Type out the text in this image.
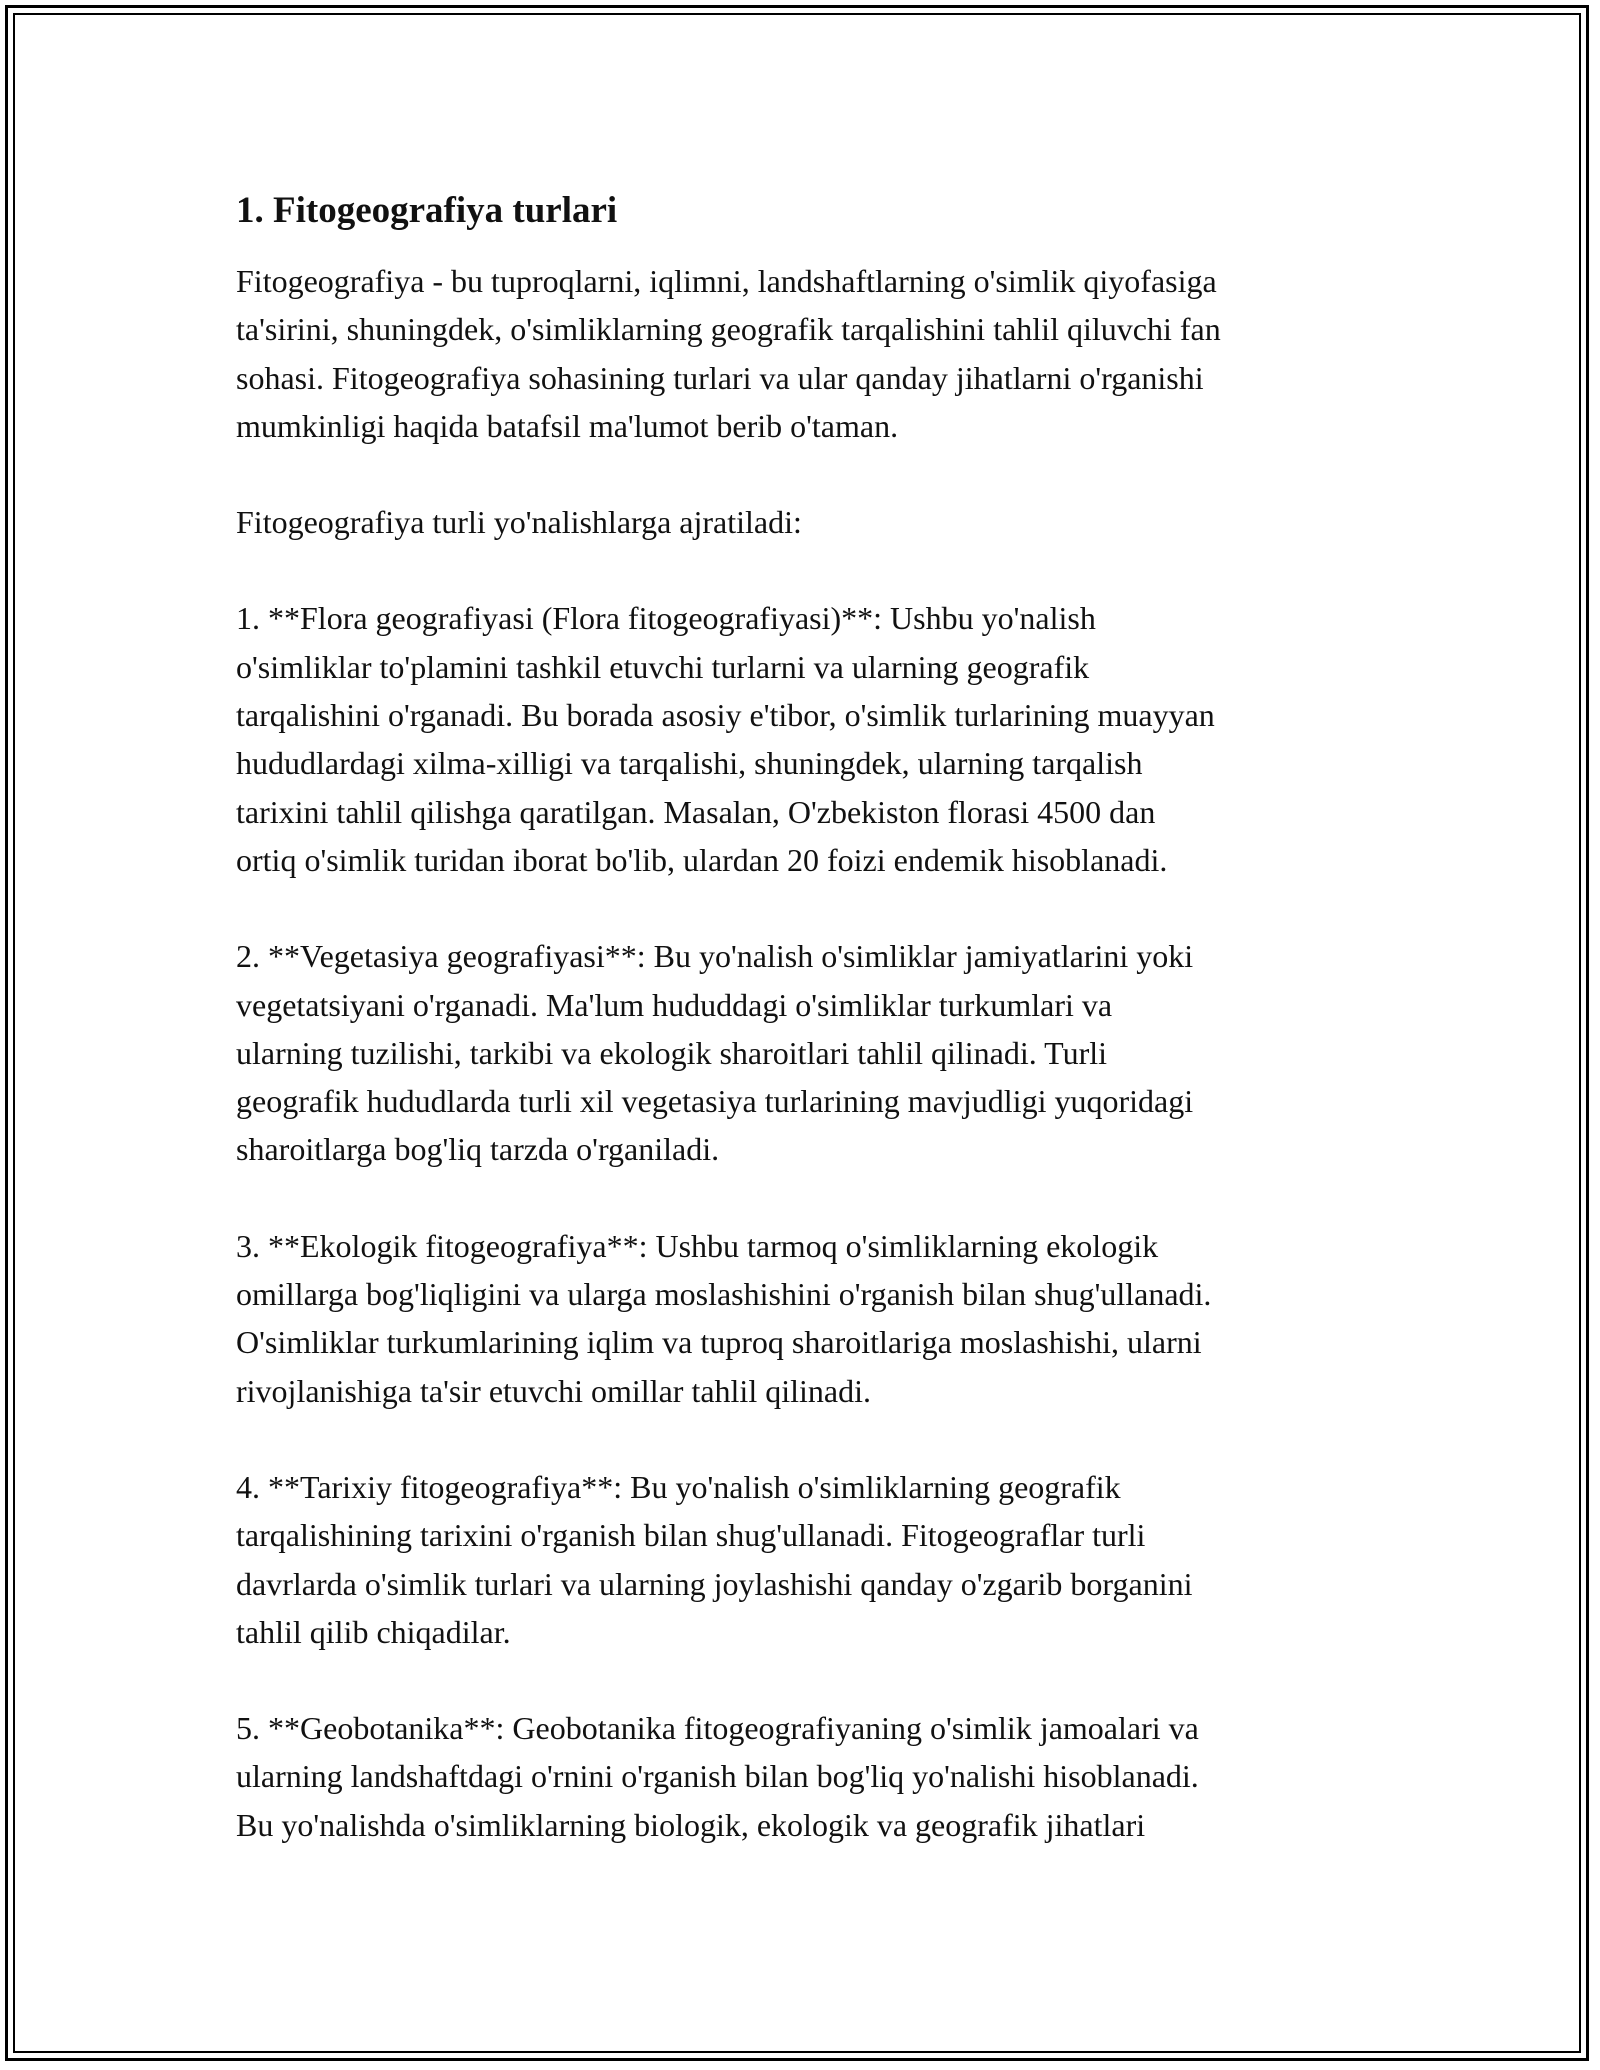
1. Fitogeografiya turlari

Fitogeografiya - bu tuproqlarni, iqlimni, landshaftlarning o'simlik qiyofasiga
ta'sirini, shuningdek, o'simliklarning geografik tarqalishini tahlil qiluvchi fan
sohasi. Fitogeografiya sohasining turlari va ular qanday jihatlarni o'rganishi
mumkinligi haqida batafsil ma'lumot berib o'taman.

Fitogeografiya turli yo'nalishlarga ajratiladi:

1. **Flora geografiyasi (Flora fitogeografiyasi)**: Ushbu yo'nalish
o'simliklar to'plamini tashkil etuvchi turlarni va ularning geografik
tarqalishini o'rganadi. Bu borada asosiy e'tibor, o'simlik turlarining muayyan
hududlardagi xilma-xilligi va tarqalishi, shuningdek, ularning tarqalish
tarixini tahlil qilishga qaratilgan. Masalan, O'zbekiston florasi 4500 dan
ortiq o'simlik turidan iborat bo'lib, ulardan 20 foizi endemik hisoblanadi.

2. **Vegetasiya geografiyasi**: Bu yo'nalish o'simliklar jamiyatlarini yoki
vegetatsiyani o'rganadi. Ma'lum hududdagi o'simliklar turkumlari va
ularning tuzilishi, tarkibi va ekologik sharoitlari tahlil qilinadi. Turli
geografik hududlarda turli xil vegetasiya turlarining mavjudligi yuqoridagi
sharoitlarga bog'liq tarzda o'rganiladi.

3. **Ekologik fitogeografiya**: Ushbu tarmoq o'simliklarning ekologik
omillarga bog'liqligini va ularga moslashishini o'rganish bilan shug'ullanadi.
O'simliklar turkumlarining iqlim va tuproq sharoitlariga moslashishi, ularni
rivojlanishiga ta'sir etuvchi omillar tahlil qilinadi.

4. **Tarixiy fitogeografiya**: Bu yo'nalish o'simliklarning geografik
tarqalishining tarixini o'rganish bilan shug'ullanadi. Fitogeograflar turli
davrlarda o'simlik turlari va ularning joylashishi qanday o'zgarib borganini
tahlil qilib chiqadilar.

5. **Geobotanika**: Geobotanika fitogeografiyaning o'simlik jamoalari va
ularning landshaftdagi o'rnini o'rganish bilan bog'liq yo'nalishi hisoblanadi.
Bu yo'nalishda o'simliklarning biologik, ekologik va geografik jihatlari
